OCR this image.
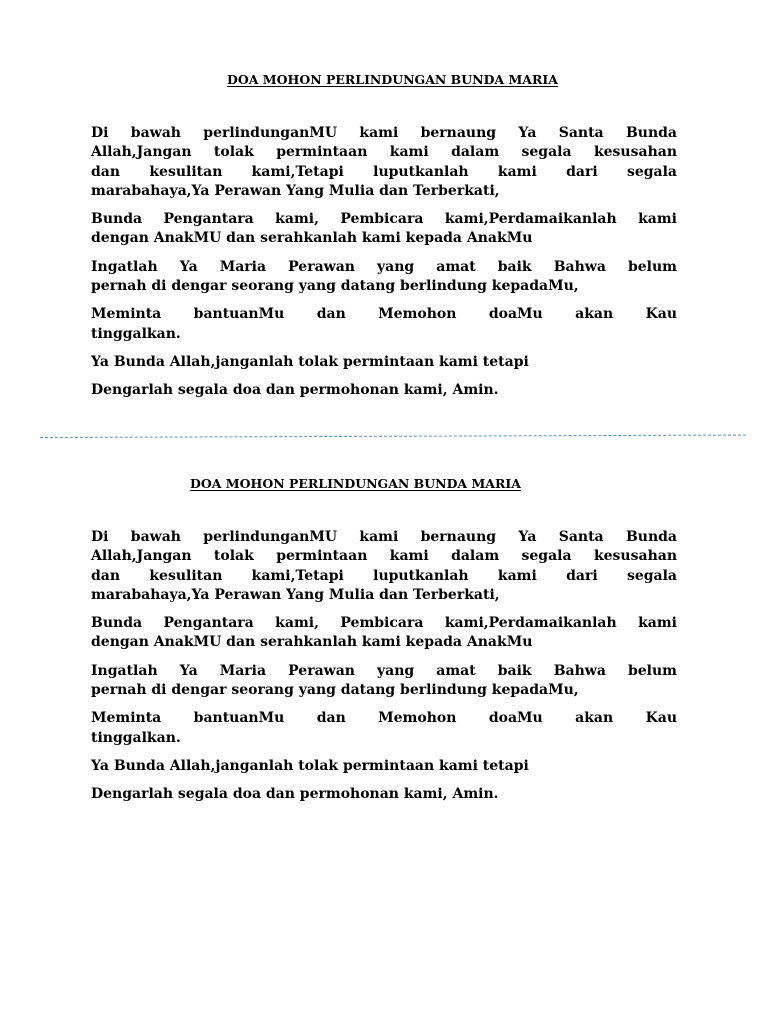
DOA MOHON PERLINDUNGAN BUNDA MARIA
Di bawah perlindunganMU kami bernaung Ya Santa Bunda
Allah,Jangan tolak permintaan kami dalam segala kesusahan
dan kesulitan kami,Tetapi luputkanlah kami dari segala
marabahaya,Ya Perawan Yang Mulia dan Terberkati,
Bunda Pengantara kami, Pembicara kami,Perdamaikanlah kami
dengan AnakMU dan serahkanlah kami kepada AnakMu
Ingatlah Ya Maria Perawan yang amat baik Bahwa belum
pernah di dengar seorang yang datang berlindung kepadaMu,
Meminta bantuanMu dan Memohon doaMu akan Kau
tinggalkan.
Ya Bunda Allah,janganlah tolak permintaan kami tetapi
Dengarlah segala doa dan permohonan kami, Amin.
DOA MOHON PERLINDUNGAN BUNDA MARIA
Di bawah perlindunganMU kami bernaung Ya Santa Bunda
Allah,Jangan tolak permintaan kami dalam segala kesusahan
dan kesulitan kami,Tetapi luputkanlah kami dari segala
marabahaya,Ya Perawan Yang Mulia dan Terberkati,
Bunda Pengantara kami, Pembicara kami,Perdamaikanlah kami
dengan AnakMU dan serahkanlah kami kepada AnakMu
Ingatlah Ya Maria Perawan yang amat baik Bahwa belum
pernah di dengar seorang yang datang berlindung kepadaMu,
Meminta bantuanMu dan Memohon doaMu akan Kau
tinggalkan.
Ya Bunda Allah,janganlah tolak permintaan kami tetapi
Dengarlah segala doa dan permohonan kami, Amin.
